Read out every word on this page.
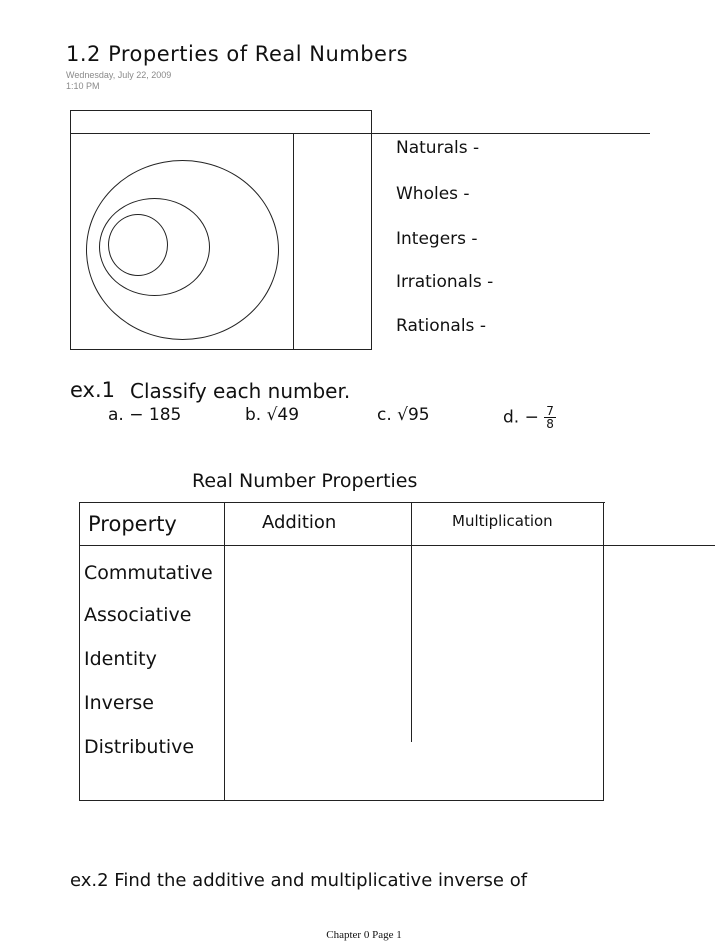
1.2 Properties of Real Numbers
Wednesday, July 22, 2009
1:10 PM
Naturals -
Wholes -
Integers -
Irrationals -
Rationals -
ex.1 Classify each number.
a. − 185	b. √49	c. √95	d. − $\frac{7}{8}$
Real Number Properties
Property	Addition	Multiplication
Commutative
Associative
Identity
Inverse
Distributive
ex.2 Find the additive and multiplicative inverse of
Chapter 0 Page 1
